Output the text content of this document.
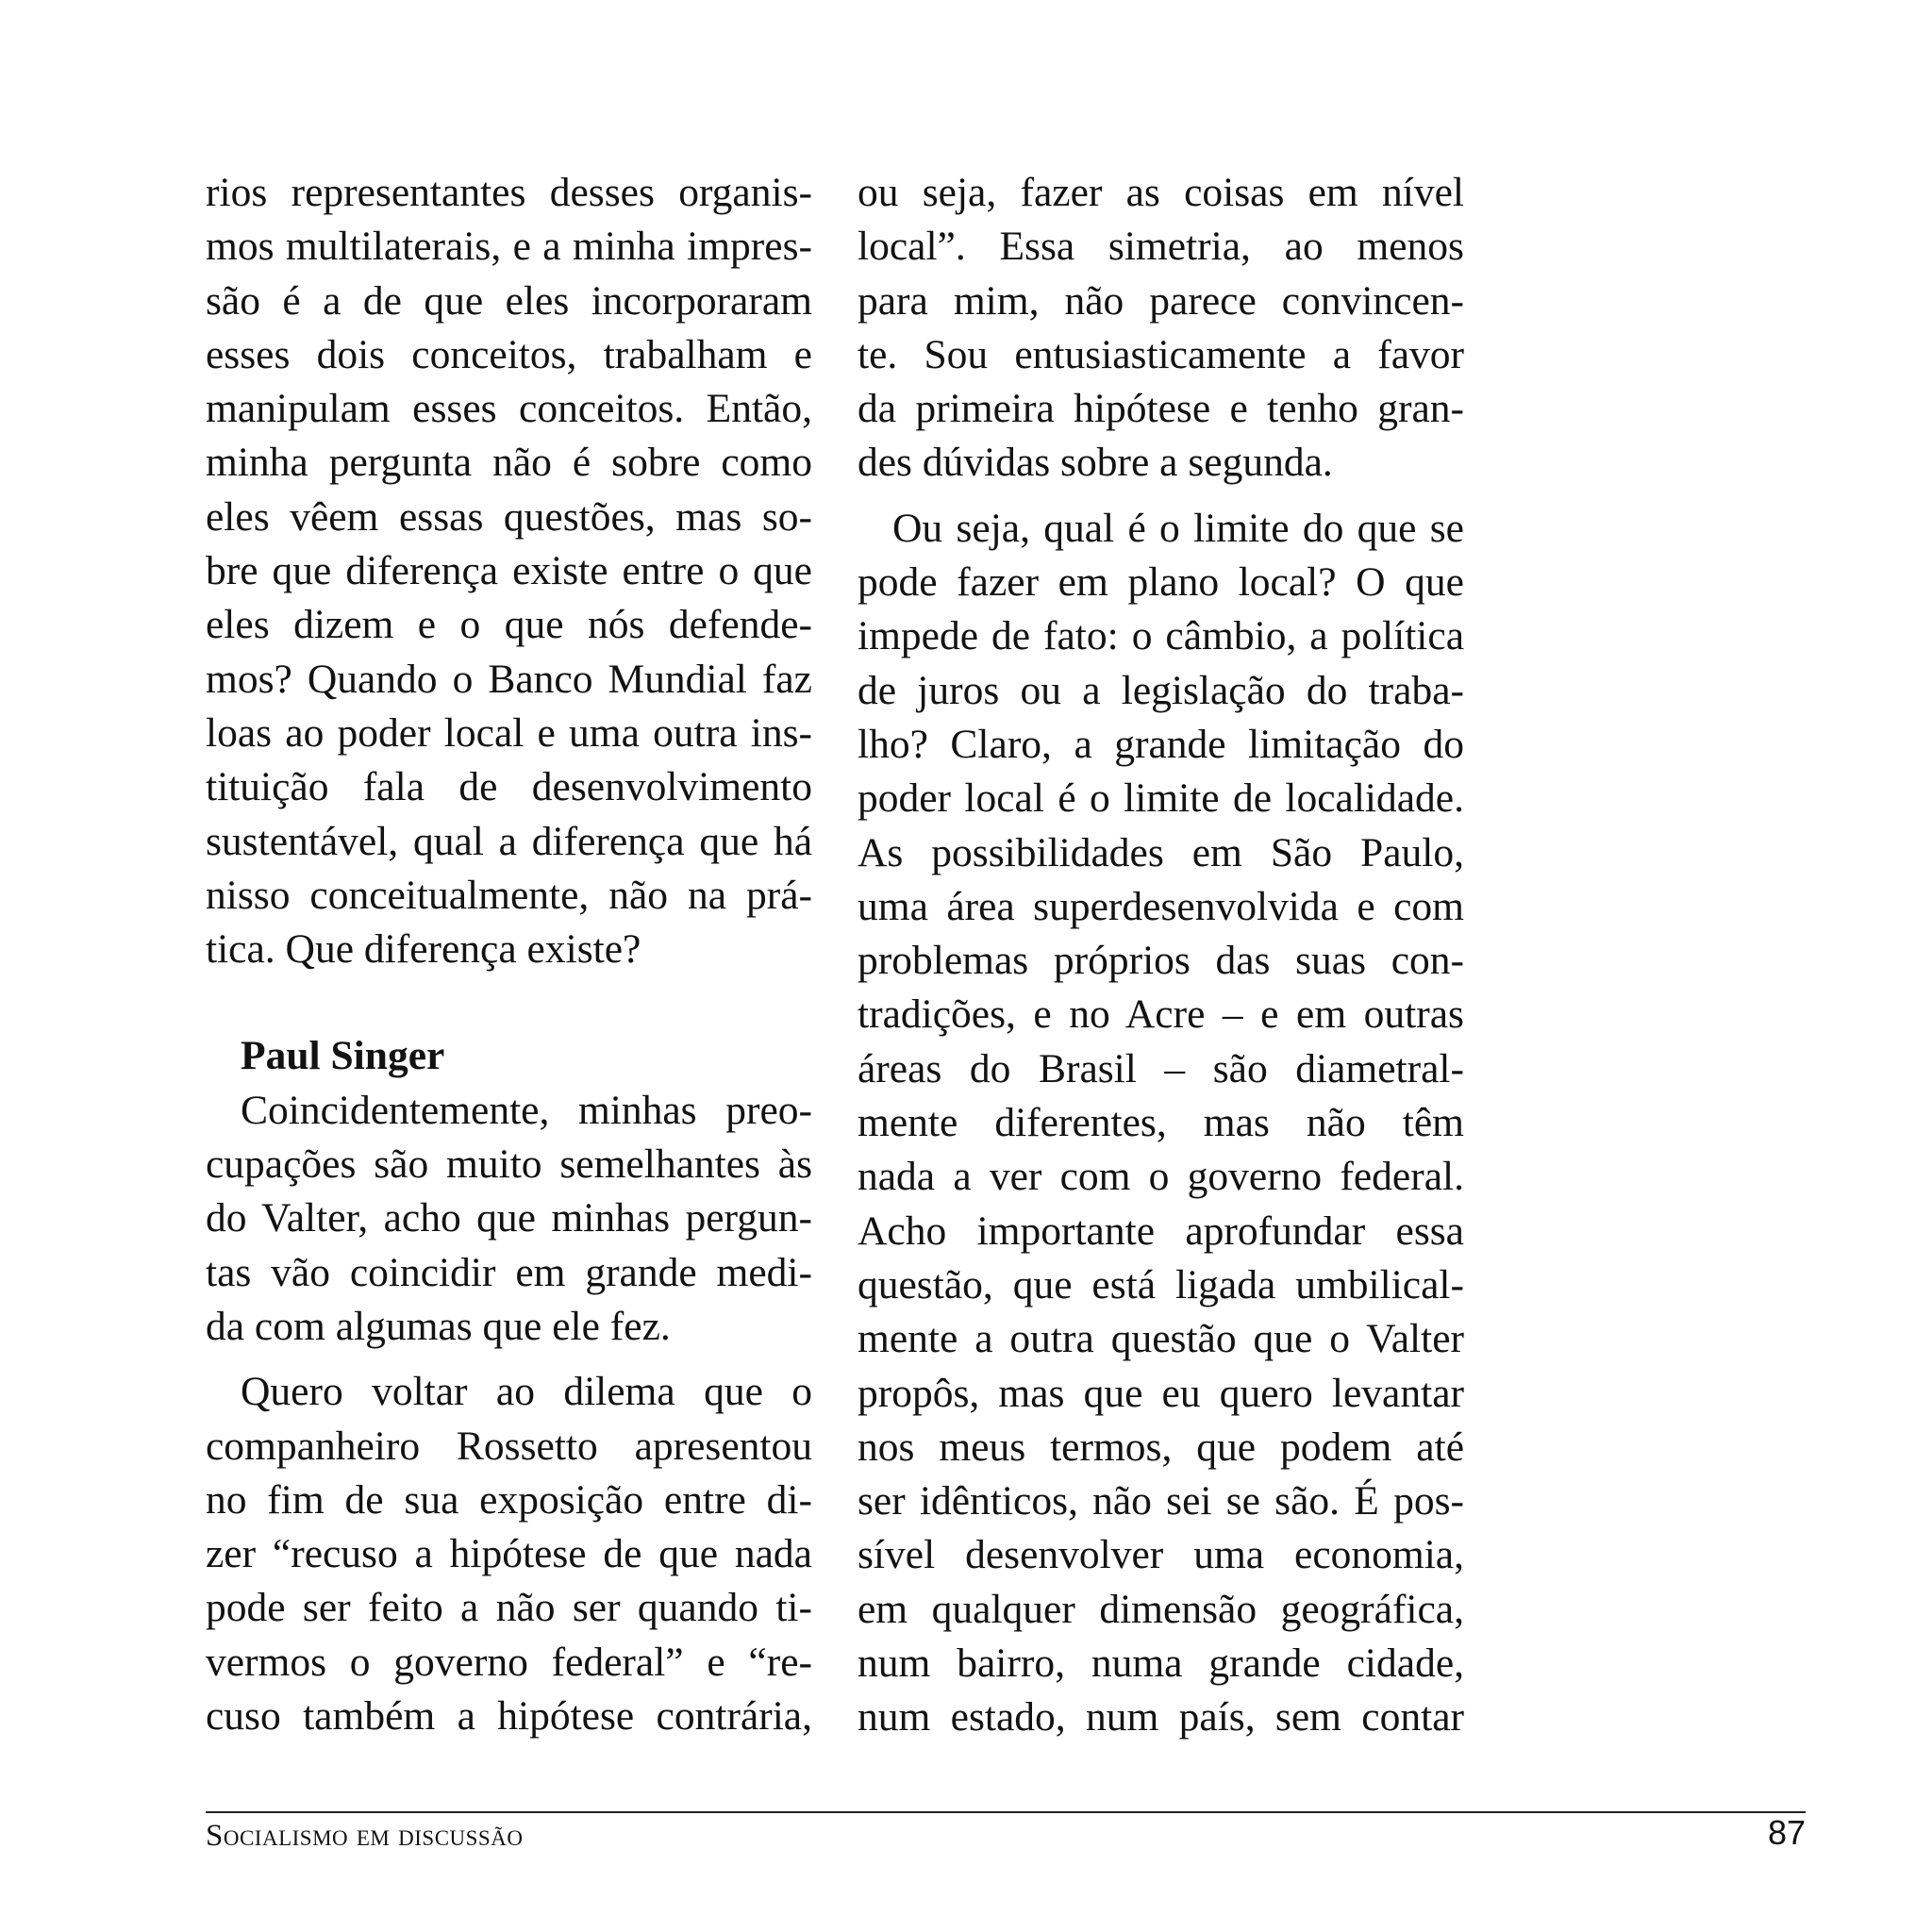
rios representantes desses organis-
mos multilaterais, e a minha impres-
são é a de que eles incorporaram
esses dois conceitos, trabalham e
manipulam esses conceitos. Então,
minha pergunta não é sobre como
eles vêem essas questões, mas so-
bre que diferença existe entre o que
eles dizem e o que nós defende-
mos? Quando o Banco Mundial faz
loas ao poder local e uma outra ins-
tituição fala de desenvolvimento
sustentável, qual a diferença que há
nisso conceitualmente, não na prá-
tica. Que diferença existe?
Paul Singer
Coincidentemente, minhas preo-
cupações são muito semelhantes às
do Valter, acho que minhas pergun-
tas vão coincidir em grande medi-
da com algumas que ele fez.
Quero voltar ao dilema que o
companheiro Rossetto apresentou
no fim de sua exposição entre di-
zer “recuso a hipótese de que nada
pode ser feito a não ser quando ti-
vermos o governo federal” e “re-
cuso também a hipótese contrária,
ou seja, fazer as coisas em nível
local”. Essa simetria, ao menos
para mim, não parece convincen-
te. Sou entusiasticamente a favor
da primeira hipótese e tenho gran-
des dúvidas sobre a segunda.
Ou seja, qual é o limite do que se
pode fazer em plano local? O que
impede de fato: o câmbio, a política
de juros ou a legislação do traba-
lho? Claro, a grande limitação do
poder local é o limite de localidade.
As possibilidades em São Paulo,
uma área superdesenvolvida e com
problemas próprios das suas con-
tradições, e no Acre – e em outras
áreas do Brasil – são diametral-
mente diferentes, mas não têm
nada a ver com o governo federal.
Acho importante aprofundar essa
questão, que está ligada umbilical-
mente a outra questão que o Valter
propôs, mas que eu quero levantar
nos meus termos, que podem até
ser idênticos, não sei se são. É pos-
sível desenvolver uma economia,
em qualquer dimensão geográfica,
num bairro, numa grande cidade,
num estado, num país, sem contar
Socialismo em discussão	87
